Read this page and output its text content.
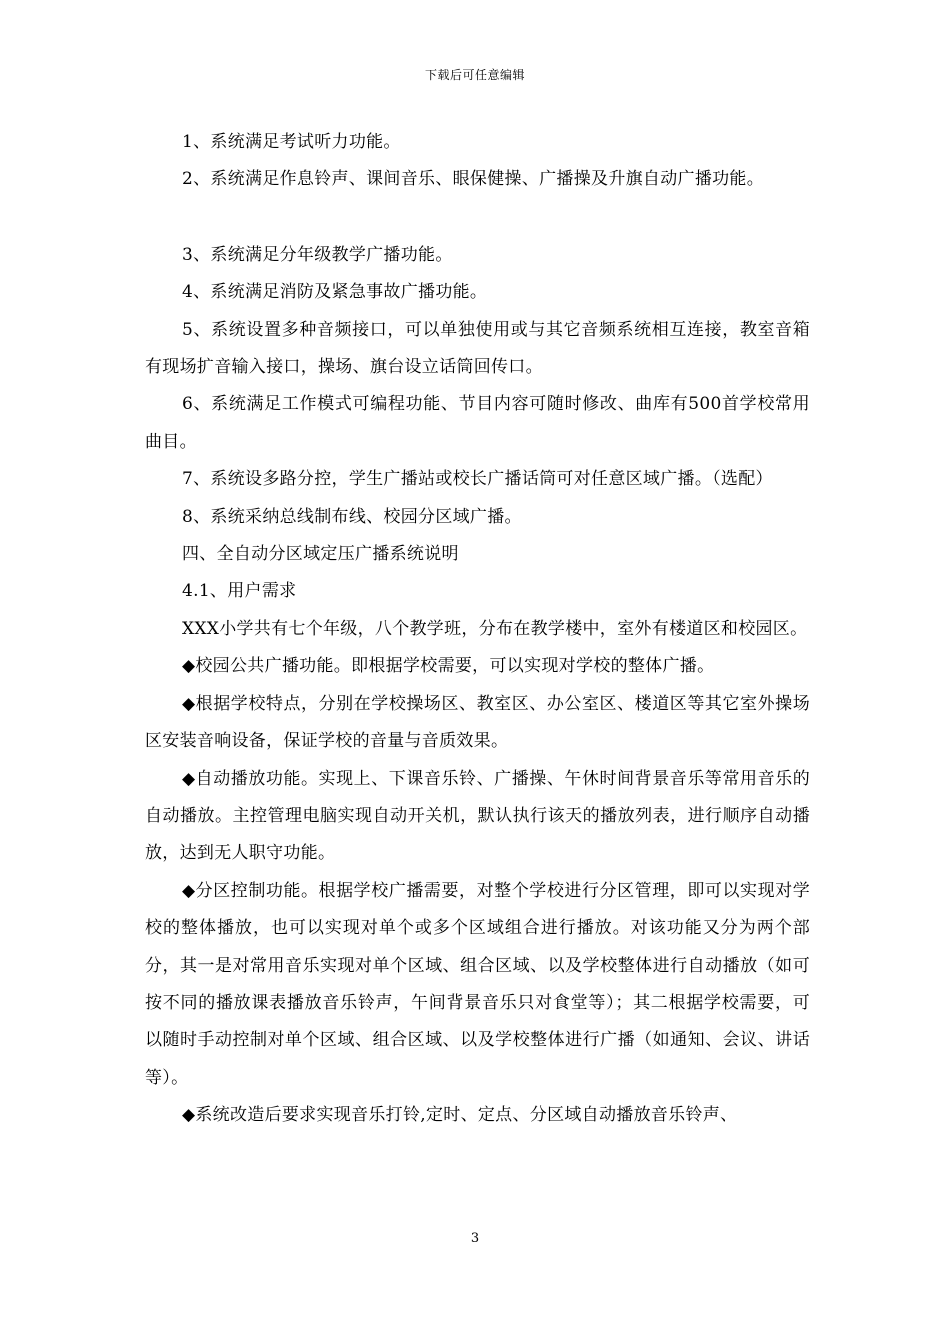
下载后可任意编辑

1、系统满足考试听力功能。

2、系统满足作息铃声、课间音乐、眼保健操、广播操及升旗自动广播功能。

3、系统满足分年级教学广播功能。

4、系统满足消防及紧急事故广播功能。

5、系统设置多种音频接口，可以单独使用或与其它音频系统相互连接，教室音箱有现场扩音输入接口，操场、旗台设立话筒回传口。

6、系统满足工作模式可编程功能、节目内容可随时修改、曲库有500首学校常用曲目。

7、系统设多路分控，学生广播站或校长广播话筒可对任意区域广播。（选配）

8、系统采纳总线制布线、校园分区域广播。

四、全自动分区域定压广播系统说明

4.1、用户需求

XXX小学共有七个年级，八个教学班，分布在教学楼中，室外有楼道区和校园区。

◆校园公共广播功能。即根据学校需要，可以实现对学校的整体广播。

◆根据学校特点，分别在学校操场区、教室区、办公室区、楼道区等其它室外操场区安装音响设备，保证学校的音量与音质效果。

◆自动播放功能。实现上、下课音乐铃、广播操、午休时间背景音乐等常用音乐的自动播放。主控管理电脑实现自动开关机，默认执行该天的播放列表，进行顺序自动播放，达到无人职守功能。

◆分区控制功能。根据学校广播需要，对整个学校进行分区管理，即可以实现对学校的整体播放，也可以实现对单个或多个区域组合进行播放。对该功能又分为两个部分，其一是对常用音乐实现对单个区域、组合区域、以及学校整体进行自动播放（如可按不同的播放课表播放音乐铃声，午间背景音乐只对食堂等）；其二根据学校需要，可以随时手动控制对单个区域、组合区域、以及学校整体进行广播（如通知、会议、讲话等）。

◆系统改造后要求实现音乐打铃,定时、定点、分区域自动播放音乐铃声、

3
